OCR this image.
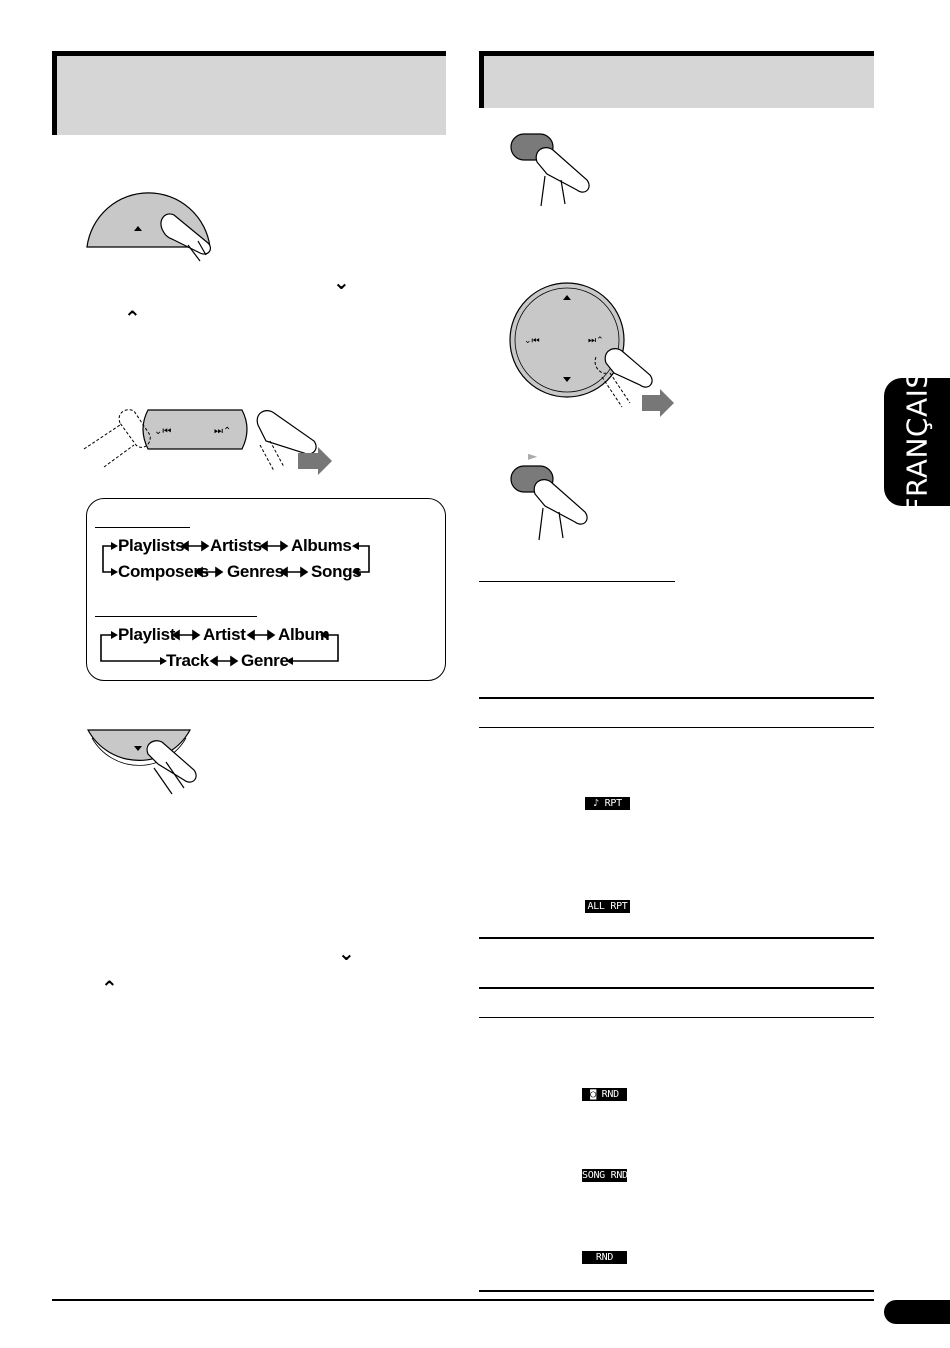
⌄
⌃
⌄⏮	⏭⌃
Playlists Artists Albums
Composers Genres Songs
Playlist Artist Album
Track Genre
⌄
⌃
⌄⏮	⏭⌃
►
♪ RPT
ALL RPT
◙ RND
SONG RND
RND
FRANÇAIS
